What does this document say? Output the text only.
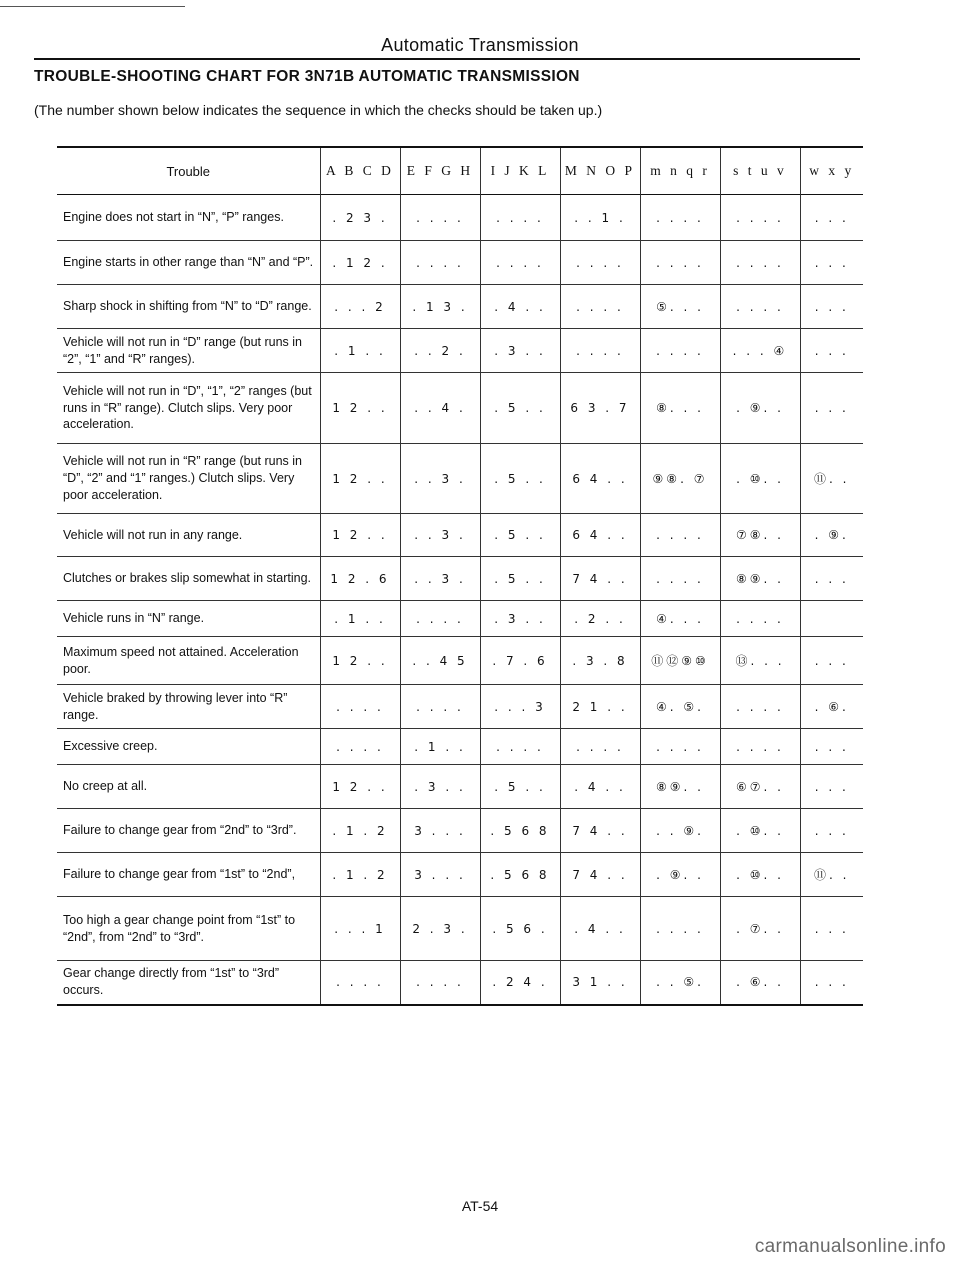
Automatic Transmission
TROUBLE-SHOOTING CHART FOR 3N71B AUTOMATIC TRANSMISSION
(The number shown below indicates the sequence in which the checks should be taken up.)
Trouble	A B C D	E F G H	I J K L	M N O P	m n q r	s t u v	w x y
Engine does not start in “N”, “P” ranges.	. 2 3 .	. . . .	. . . .	. . 1 .	. . . .	. . . .	. . .
Engine starts in other range than “N” and “P”.	. 1 2 .	. . . .	. . . .	. . . .	. . . .	. . . .	. . .
Sharp shock in shifting from “N” to “D” range.	. . . 2	. 1 3 .	. 4 . .	. . . .	⑤. . .	. . . .	. . .
Vehicle will not run in “D” range (but runs in “2”, “1” and “R” ranges).	. 1 . .	. . 2 .	. 3 . .	. . . .	. . . .	. . . ④	. . .
Vehicle will not run in “D”, “1”, “2” ranges (but runs in “R” range). Clutch slips. Very poor acceleration.	1 2 . .	. . 4 .	. 5 . .	6 3 . 7	⑧. . .	. ⑨. .	. . .
Vehicle will not run in “R” range (but runs in “D”, “2” and “1” ranges.) Clutch slips. Very poor acceleration.	1 2 . .	. . 3 .	. 5 . .	6 4 . .	⑨⑧. ⑦	. ⑩. .	⑪. .
Vehicle will not run in any range.	1 2 . .	. . 3 .	. 5 . .	6 4 . .	. . . .	⑦⑧. .	. ⑨.
Clutches or brakes slip somewhat in starting.	1 2 . 6	. . 3 .	. 5 . .	7 4 . .	. . . .	⑧⑨. .	. . .
Vehicle runs in “N” range.	. 1 . .	. . . .	. 3 . .	. 2 . .	④. . .	. . . .	
Maximum speed not attained. Acceleration poor.	1 2 . .	. . 4 5	. 7 . 6	. 3 . 8	⑪⑫⑨⑩	⑬. . .	. . .
Vehicle braked by throwing lever into “R” range.	. . . .	. . . .	. . . 3	2 1 . .	④. ⑤.	. . . .	. ⑥.
Excessive creep.	. . . .	. 1 . .	. . . .	. . . .	. . . .	. . . .	. . .
No creep at all.	1 2 . .	. 3 . .	. 5 . .	. 4 . .	⑧⑨. .	⑥⑦. .	. . .
Failure to change gear from “2nd” to “3rd”.	. 1 . 2	3 . . .	. 5 6 8	7 4 . .	. . ⑨.	. ⑩. .	. . .
Failure to change gear from “1st” to “2nd”,	. 1 . 2	3 . . .	. 5 6 8	7 4 . .	. ⑨. .	. ⑩. .	⑪. .
Too high a gear change point from “1st” to “2nd”, from “2nd” to “3rd”.	. . . 1	2 . 3 .	. 5 6 .	. 4 . .	. . . .	. ⑦. .	. . .
Gear change directly from “1st” to “3rd” occurs.	. . . .	. . . .	. 2 4 .	3 1 . .	. . ⑤.	. ⑥. .	. . .
AT-54
carmanualsonline.info
